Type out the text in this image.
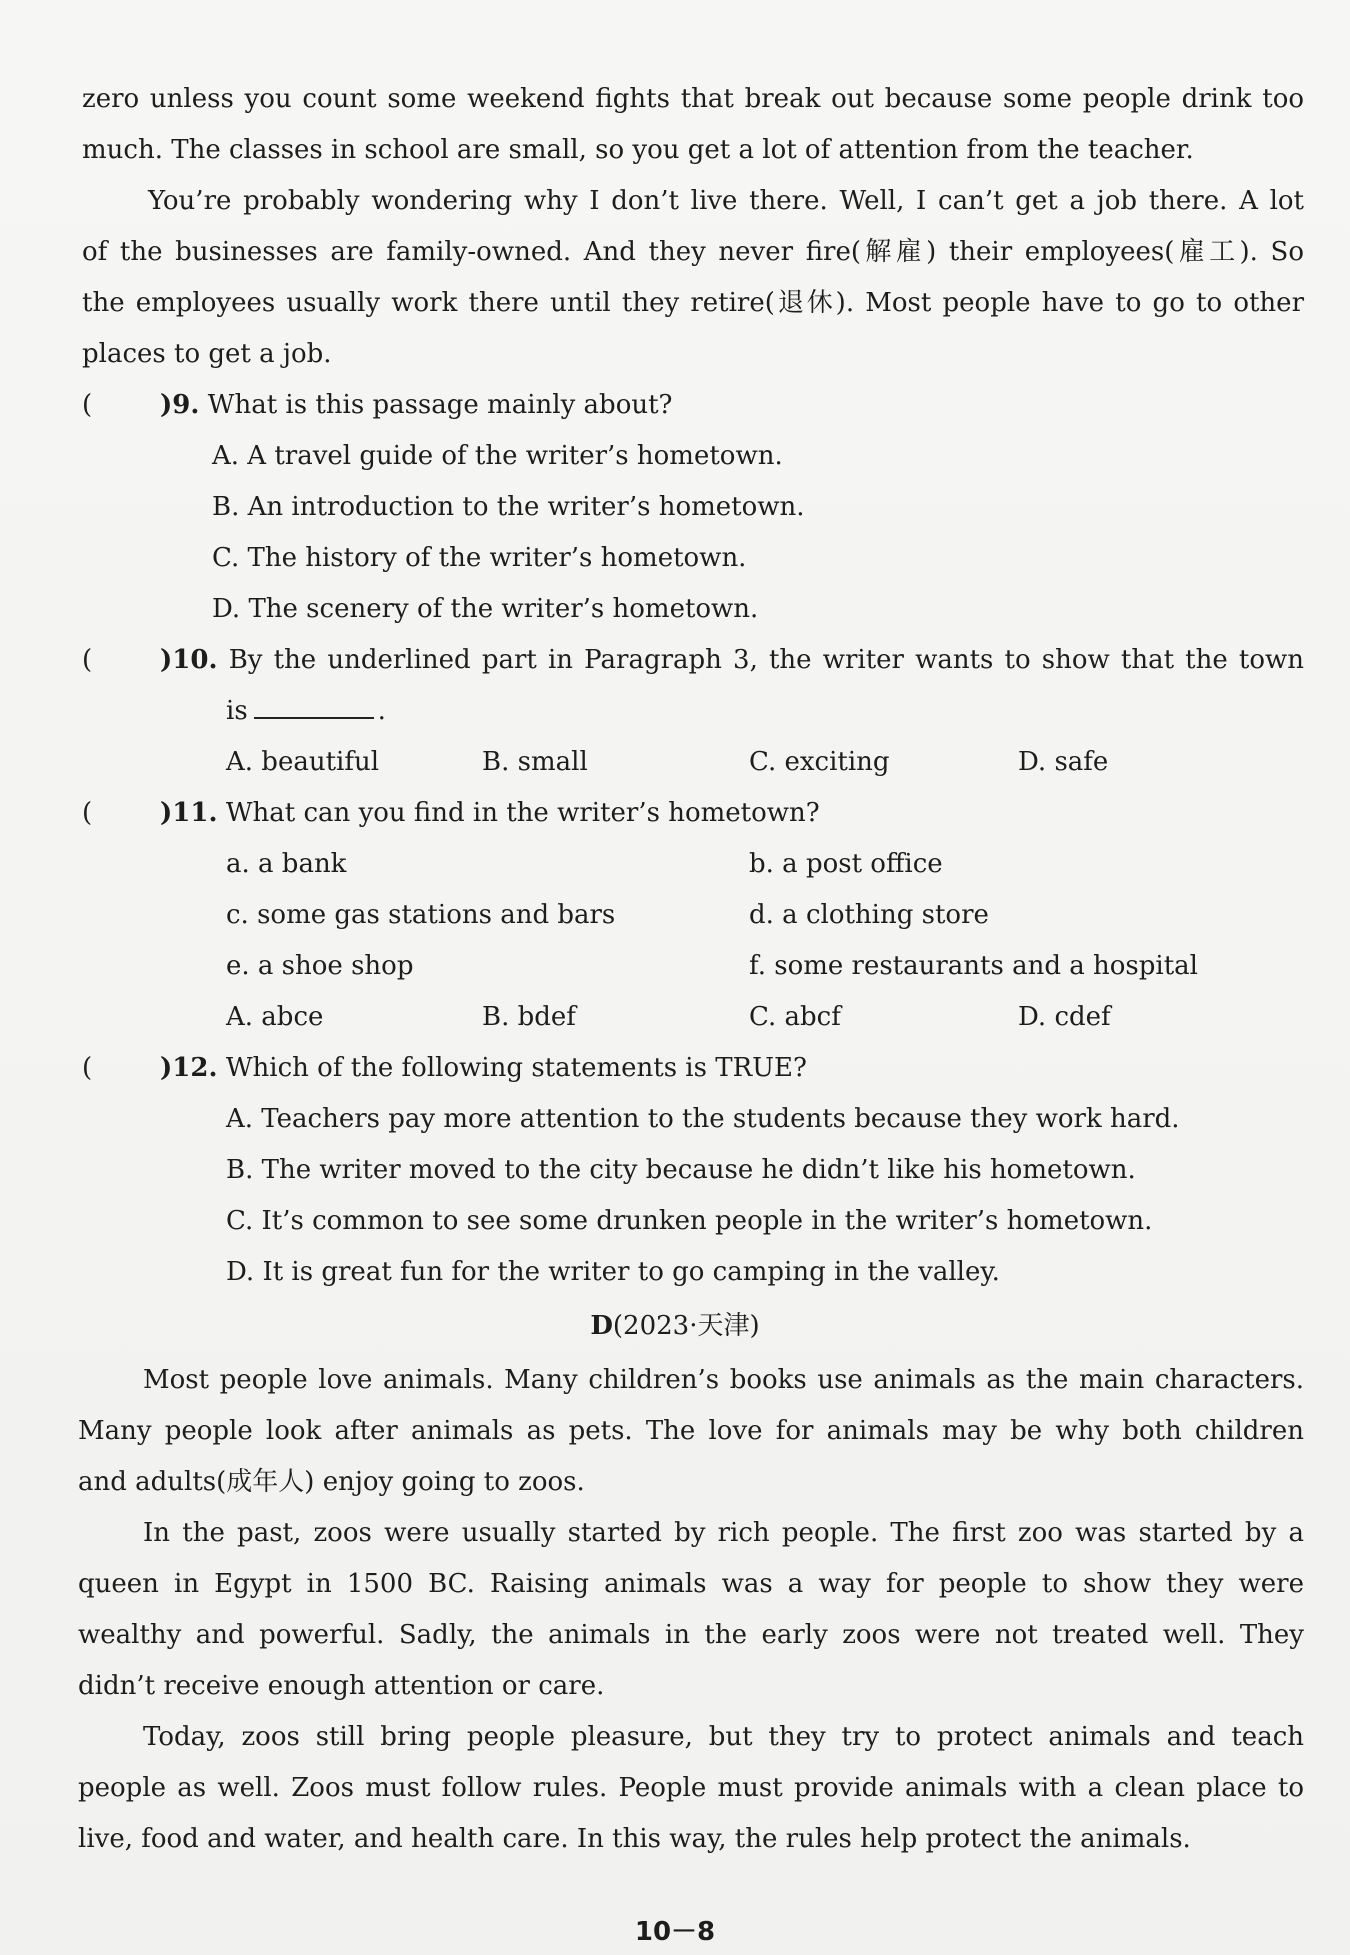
zero unless you count some weekend fights that break out because some people drink too
much. The classes in school are small, so you get a lot of attention from the teacher.
You’re probably wondering why I don’t live there. Well, I can’t get a job there. A lot
of the businesses are family-owned. And they never fire(解雇) their employees(雇工). So
the employees usually work there until they retire(退休). Most people have to go to other
places to get a job.
(	)9. What is this passage mainly about?
A. A travel guide of the writer’s hometown.
B. An introduction to the writer’s hometown.
C. The history of the writer’s hometown.
D. The scenery of the writer’s hometown.
(	)10. By the underlined part in Paragraph 3, the writer wants to show that the town
is	.
A. beautiful	B. small	C. exciting	D. safe
(	)11. What can you find in the writer’s hometown?
a. a bank	b. a post office
c. some gas stations and bars	d. a clothing store
e. a shoe shop	f. some restaurants and a hospital
A. abce	B. bdef	C. abcf	D. cdef
(	)12. Which of the following statements is TRUE?
A. Teachers pay more attention to the students because they work hard.
B. The writer moved to the city because he didn’t like his hometown.
C. It’s common to see some drunken people in the writer’s hometown.
D. It is great fun for the writer to go camping in the valley.
D(2023·天津)
Most people love animals. Many children’s books use animals as the main characters.
Many people look after animals as pets. The love for animals may be why both children
and adults(成年人) enjoy going to zoos.
In the past, zoos were usually started by rich people. The first zoo was started by a
queen in Egypt in 1500 BC. Raising animals was a way for people to show they were
wealthy and powerful. Sadly, the animals in the early zoos were not treated well. They
didn’t receive enough attention or care.
Today, zoos still bring people pleasure, but they try to protect animals and teach
people as well. Zoos must follow rules. People must provide animals with a clean place to
live, food and water, and health care. In this way, the rules help protect the animals.
10－8
